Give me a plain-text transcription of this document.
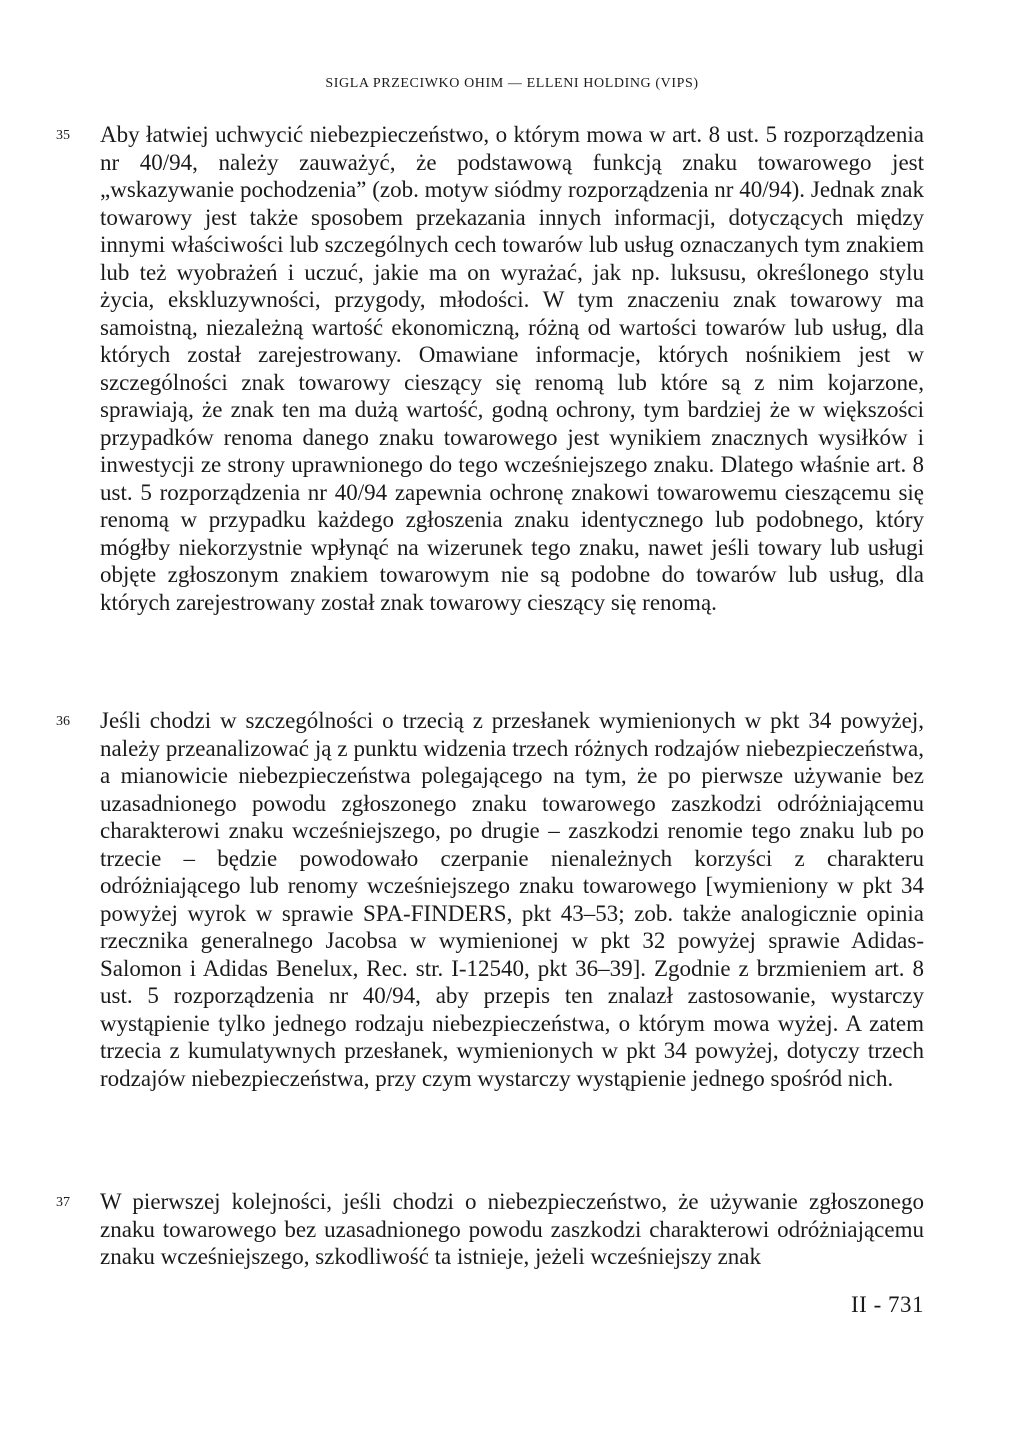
SIGLA PRZECIWKO OHIM — ELLENI HOLDING (VIPS)
35 Aby łatwiej uchwycić niebezpieczeństwo, o którym mowa w art. 8 ust. 5 rozporządzenia nr 40/94, należy zauważyć, że podstawową funkcją znaku towarowego jest „wskazywanie pochodzenia” (zob. motyw siódmy rozporządzenia nr 40/94). Jednak znak towarowy jest także sposobem przekazania innych informacji, dotyczących między innymi właściwości lub szczególnych cech towarów lub usług oznaczanych tym znakiem lub też wyobrażeń i uczuć, jakie ma on wyrażać, jak np. luksusu, określonego stylu życia, ekskluzywności, przygody, młodości. W tym znaczeniu znak towarowy ma samoistną, niezależną wartość ekonomiczną, różną od wartości towarów lub usług, dla których został zarejestrowany. Omawiane informacje, których nośnikiem jest w szczególności znak towarowy cieszący się renomą lub które są z nim kojarzone, sprawiają, że znak ten ma dużą wartość, godną ochrony, tym bardziej że w większości przypadków renoma danego znaku towarowego jest wynikiem znacznych wysiłków i inwestycji ze strony uprawnionego do tego wcześniejszego znaku. Dlatego właśnie art. 8 ust. 5 rozporządzenia nr 40/94 zapewnia ochronę znakowi towarowemu cieszącemu się renomą w przypadku każdego zgłoszenia znaku identycznego lub podobnego, który mógłby niekorzystnie wpłynąć na wizerunek tego znaku, nawet jeśli towary lub usługi objęte zgłoszonym znakiem towarowym nie są podobne do towarów lub usług, dla których zarejestrowany został znak towarowy cieszący się renomą.

36 Jeśli chodzi w szczególności o trzecią z przesłanek wymienionych w pkt 34 powyżej, należy przeanalizować ją z punktu widzenia trzech różnych rodzajów niebezpieczeństwa, a mianowicie niebezpieczeństwa polegającego na tym, że po pierwsze używanie bez uzasadnionego powodu zgłoszonego znaku towarowego zaszkodzi odróżniającemu charakterowi znaku wcześniejszego, po drugie – zaszkodzi renomie tego znaku lub po trzecie – będzie powodowało czerpanie nienależnych korzyści z charakteru odróżniającego lub renomy wcześniejszego znaku towarowego [wymieniony w pkt 34 powyżej wyrok w sprawie SPA-FINDERS, pkt 43–53; zob. także analogicznie opinia rzecznika generalnego Jacobsa w wymienionej w pkt 32 powyżej sprawie Adidas-Salomon i Adidas Benelux, Rec. str. I-12540, pkt 36–39]. Zgodnie z brzmieniem art. 8 ust. 5 rozporządzenia nr 40/94, aby przepis ten znalazł zastosowanie, wystarczy wystąpienie tylko jednego rodzaju niebezpieczeństwa, o którym mowa wyżej. A zatem trzecia z kumulatywnych przesłanek, wymienionych w pkt 34 powyżej, dotyczy trzech rodzajów niebezpieczeństwa, przy czym wystarczy wystąpienie jednego spośród nich.

37 W pierwszej kolejności, jeśli chodzi o niebezpieczeństwo, że używanie zgłoszonego znaku towarowego bez uzasadnionego powodu zaszkodzi charakterowi odróżniającemu znaku wcześniejszego, szkodliwość ta istnieje, jeżeli wcześniejszy znak

II - 731
